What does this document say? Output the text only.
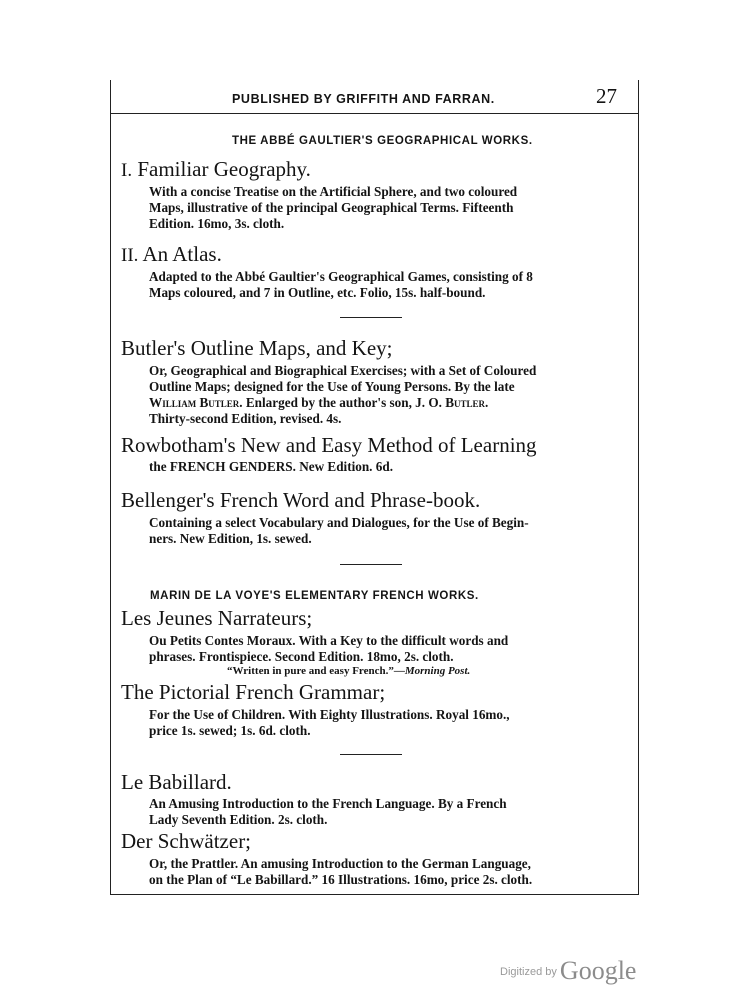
PUBLISHED BY GRIFFITH AND FARRAN.	27
THE ABBÉ GAULTIER'S GEOGRAPHICAL WORKS.
I. Familiar Geography.
With a concise Treatise on the Artificial Sphere, and two coloured
Maps, illustrative of the principal Geographical Terms. Fifteenth
Edition. 16mo, 3s. cloth.
II. An Atlas.
Adapted to the Abbé Gaultier's Geographical Games, consisting of 8
Maps coloured, and 7 in Outline, etc. Folio, 15s. half-bound.
Butler's Outline Maps, and Key;
Or, Geographical and Biographical Exercises; with a Set of Coloured
Outline Maps; designed for the Use of Young Persons. By the late
William Butler. Enlarged by the author's son, J. O. Butler.
Thirty-second Edition, revised. 4s.
Rowbotham's New and Easy Method of Learning
the FRENCH GENDERS. New Edition. 6d.
Bellenger's French Word and Phrase-book.
Containing a select Vocabulary and Dialogues, for the Use of Begin-
ners. New Edition, 1s. sewed.
MARIN DE LA VOYE'S ELEMENTARY FRENCH WORKS.
Les Jeunes Narrateurs;
Ou Petits Contes Moraux. With a Key to the difficult words and
phrases. Frontispiece. Second Edition. 18mo, 2s. cloth.
“Written in pure and easy French.”—Morning Post.
The Pictorial French Grammar;
For the Use of Children. With Eighty Illustrations. Royal 16mo.,
price 1s. sewed; 1s. 6d. cloth.
Le Babillard.
An Amusing Introduction to the French Language. By a French
Lady Seventh Edition. 2s. cloth.
Der Schwätzer;
Or, the Prattler. An amusing Introduction to the German Language,
on the Plan of “Le Babillard.” 16 Illustrations. 16mo, price 2s. cloth.
Digitized by Google
